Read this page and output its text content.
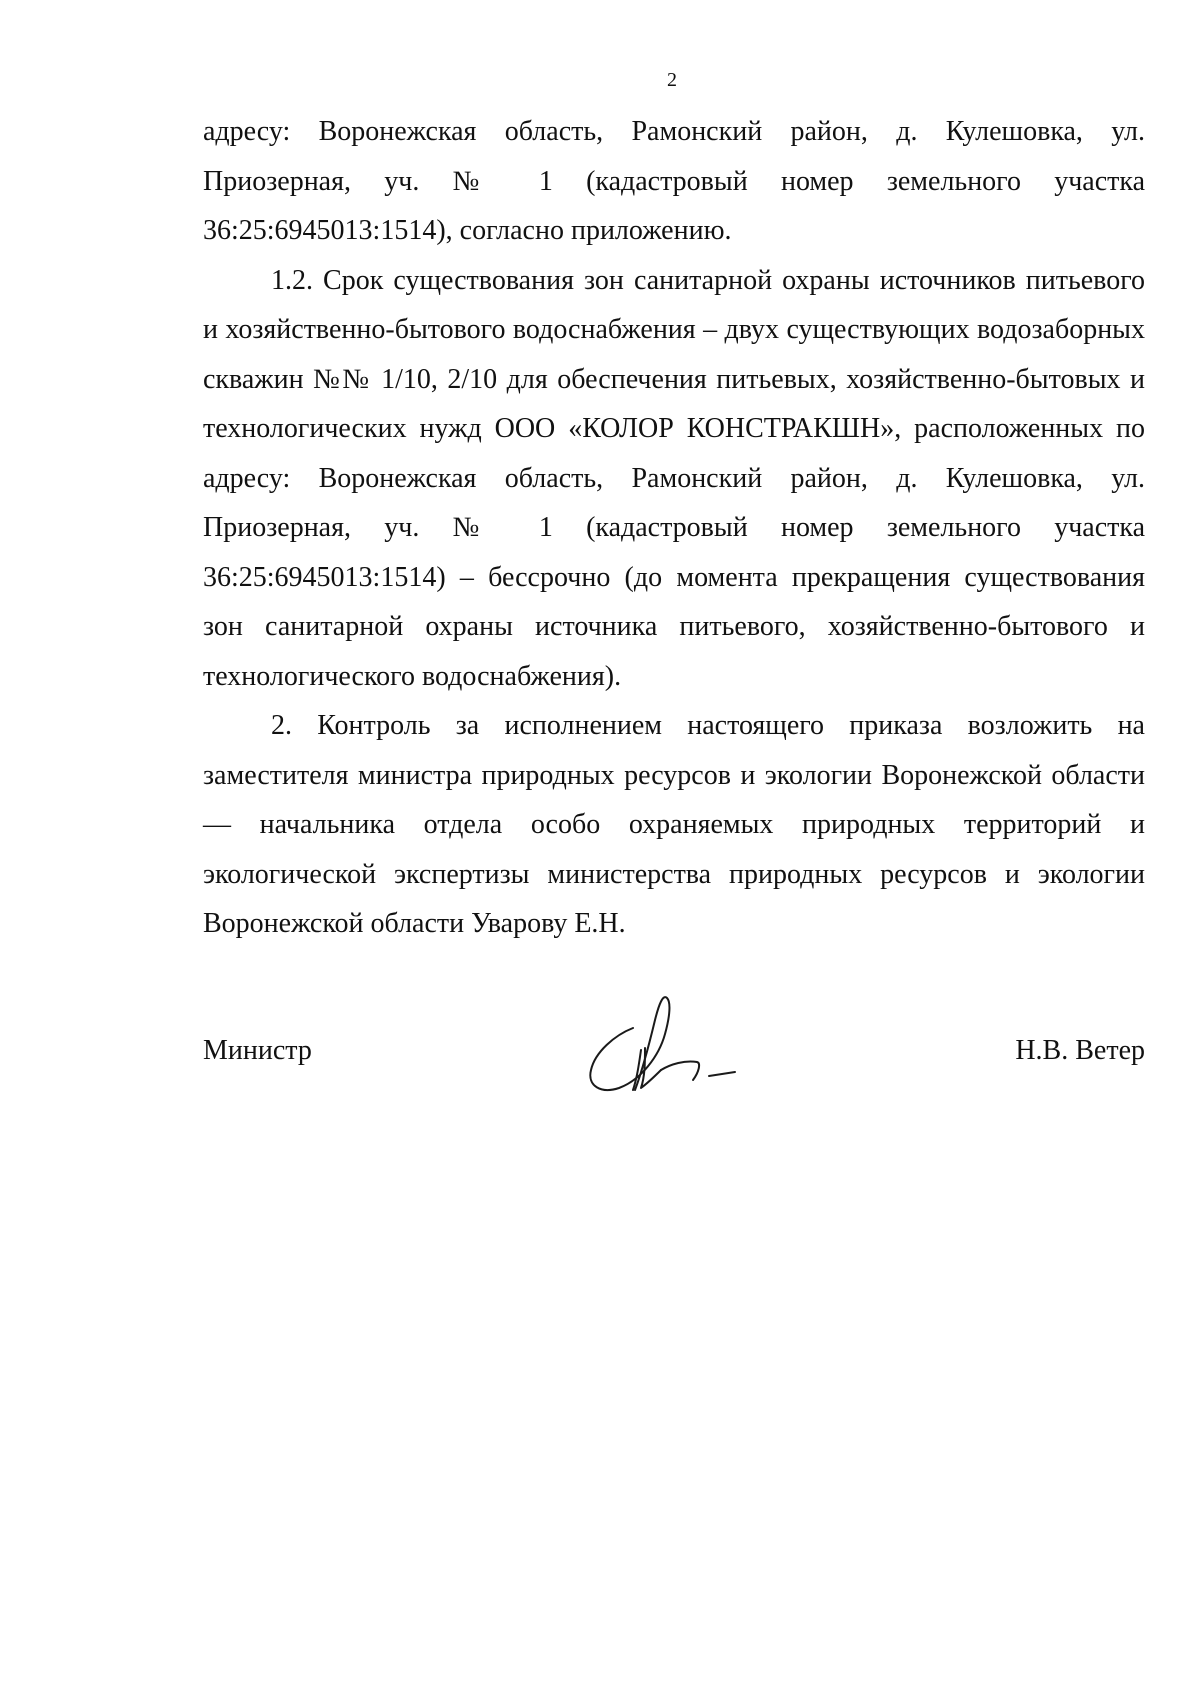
2

адресу: Воронежская область, Рамонский район, д. Кулешовка, ул. Приозерная, уч. № 1 (кадастровый номер земельного участка 36:25:6945013:1514), согласно приложению.

1.2. Срок существования зон санитарной охраны источников питьевого и хозяйственно-бытового водоснабжения – двух существующих водозаборных скважин №№ 1/10, 2/10 для обеспечения питьевых, хозяйственно-бытовых и технологических нужд ООО «КОЛОР КОНСТРАКШН», расположенных по адресу: Воронежская область, Рамонский район, д. Кулешовка, ул. Приозерная, уч. № 1 (кадастровый номер земельного участка 36:25:6945013:1514) – бессрочно (до момента прекращения существования зон санитарной охраны источника питьевого, хозяйственно-бытового и технологического водоснабжения).

2. Контроль за исполнением настоящего приказа возложить на заместителя министра природных ресурсов и экологии Воронежской области — начальника отдела особо охраняемых природных территорий и экологической экспертизы министерства природных ресурсов и экологии Воронежской области Уварову Е.Н.

Министр	Н.В. Ветер
